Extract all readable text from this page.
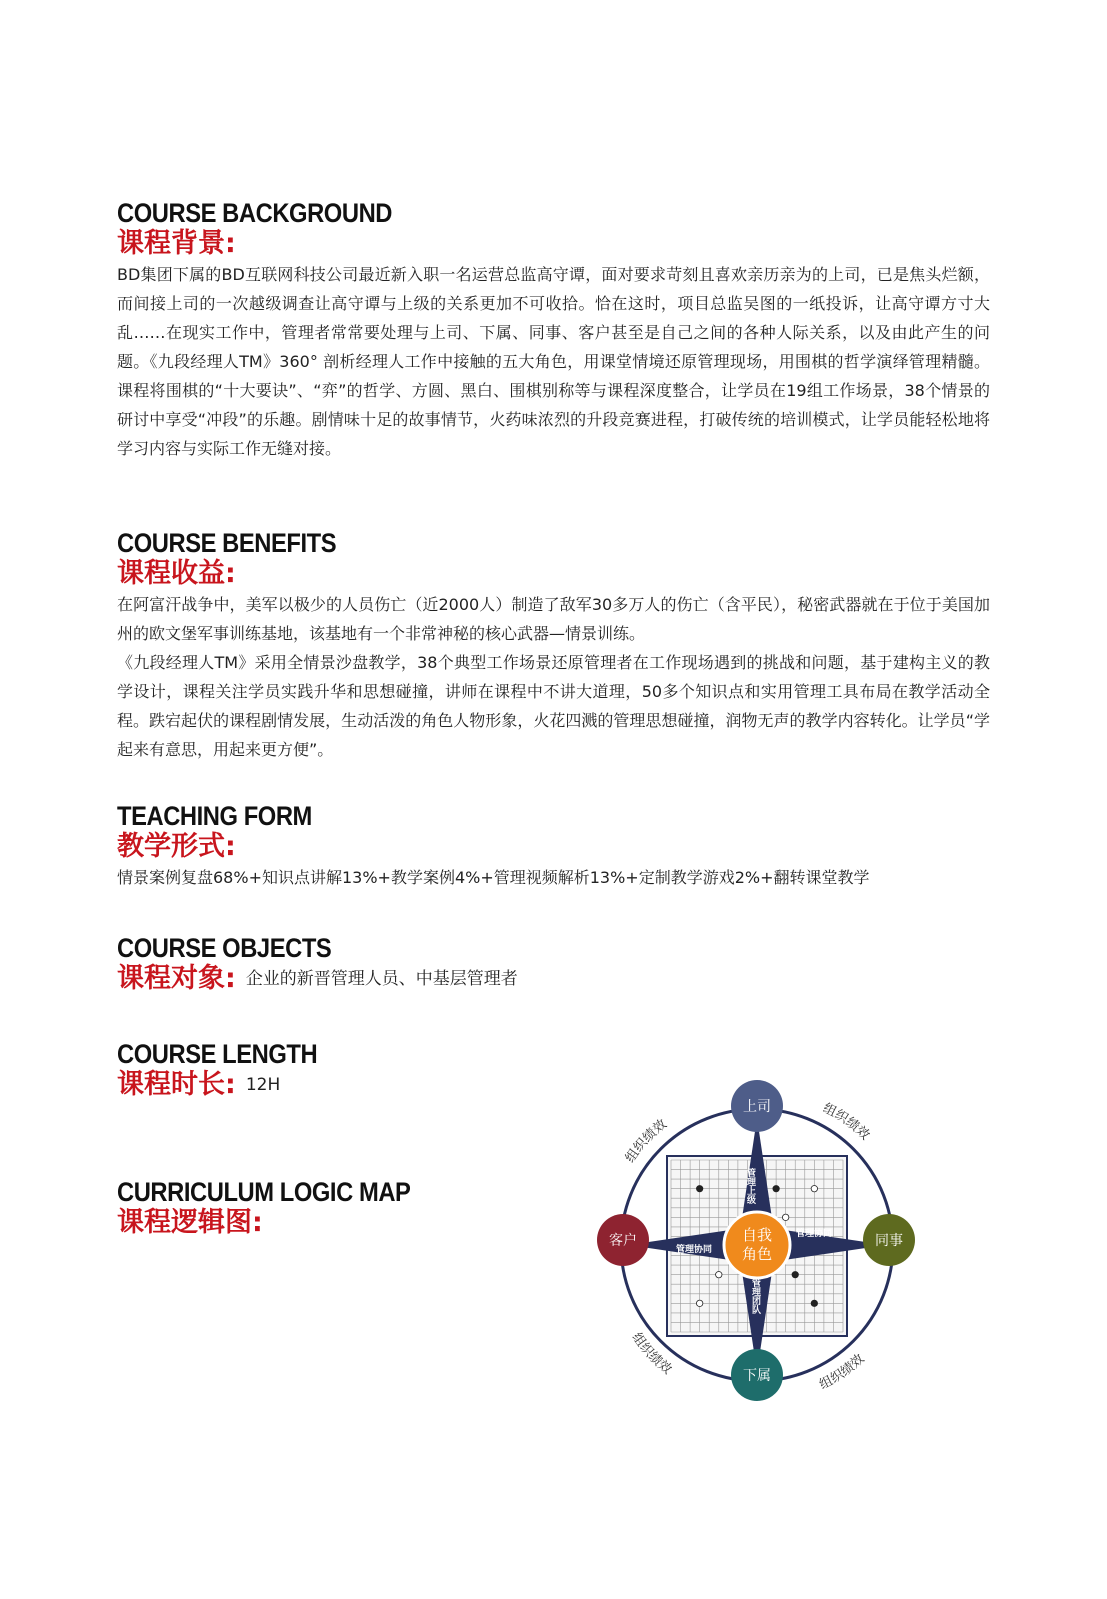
COURSE BACKGROUND
课程背景:

BD集团下属的BD互联网科技公司最近新入职一名运营总监高守谭，面对要求苛刻且喜欢亲历亲为的上司，已是焦头烂额，而间接上司的一次越级调查让高守谭与上级的关系更加不可收拾。恰在这时，项目总监吴图的一纸投诉，让高守谭方寸大乱……在现实工作中，管理者常常要处理与上司、下属、同事、客户甚至是自己之间的各种人际关系，以及由此产生的问题。《九段经理人TM》360° 剖析经理人工作中接触的五大角色，用课堂情境还原管理现场，用围棋的哲学演绎管理精髓。课程将围棋的“十大要诀”、“弈”的哲学、方圆、黑白、围棋别称等与课程深度整合，让学员在19组工作场景，38个情景的研讨中享受“冲段”的乐趣。剧情味十足的故事情节，火药味浓烈的升段竞赛进程，打破传统的培训模式，让学员能轻松地将学习内容与实际工作无缝对接。

COURSE BENEFITS
课程收益:

在阿富汗战争中，美军以极少的人员伤亡（近2000人）制造了敌军30多万人的伤亡（含平民），秘密武器就在于位于美国加州的欧文堡军事训练基地，该基地有一个非常神秘的核心武器—情景训练。

《九段经理人TM》采用全情景沙盘教学，38个典型工作场景还原管理者在工作现场遇到的挑战和问题，基于建构主义的教学设计，课程关注学员实践升华和思想碰撞，讲师在课程中不讲大道理，50多个知识点和实用管理工具布局在教学活动全程。跌宕起伏的课程剧情发展，生动活泼的角色人物形象，火花四溅的管理思想碰撞，润物无声的教学内容转化。让学员“学起来有意思，用起来更方便”。

TEACHING FORM
教学形式:

情景案例复盘68%+知识点讲解13%+教学案例4%+管理视频解析13%+定制教学游戏2%+翻转课堂教学

COURSE OBJECTS
课程对象: 企业的新晋管理人员、中基层管理者
COURSE LENGTH
课程时长: 12H
CURRICULUM LOGIC MAP
课程逻辑图:
管理上级
管理团队
管理协同
管理协同
自我
角色
上司
同事
下属
客户
组织绩效
组织绩效
组织绩效
组织绩效
